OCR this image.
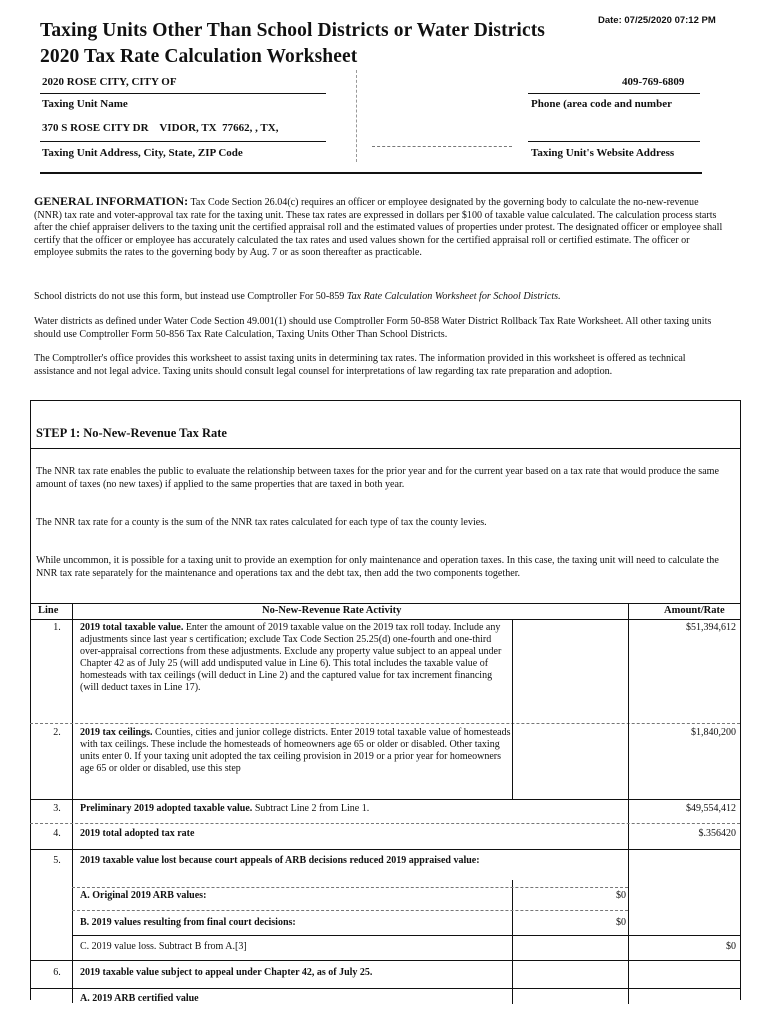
Taxing Units Other Than School Districts or Water Districts
2020 Tax Rate Calculation Worksheet
Date: 07/25/2020 07:12 PM
2020 ROSE CITY, CITY OF	409-769-6809
Taxing Unit Name	Phone (area code and number
370 S ROSE CITY DR    VIDOR, TX  77662, , TX,
Taxing Unit Address, City, State, ZIP Code	Taxing Unit's Website Address
GENERAL INFORMATION: Tax Code Section 26.04(c) requires an officer or employee designated by the governing body to calculate the no-new-revenue (NNR) tax rate and voter-approval tax rate for the taxing unit. These tax rates are expressed in dollars per $100 of taxable value calculated. The calculation process starts after the chief appraiser delivers to the taxing unit the certified appraisal roll and the estimated values of properties under protest. The designated officer or employee shall certify that the officer or employee has accurately calculated the tax rates and used values shown for the certified appraisal roll or certified estimate. The officer or employee submits the rates to the governing body by Aug. 7 or as soon thereafter as practicable.
School districts do not use this form, but instead use Comptroller For 50-859 Tax Rate Calculation Worksheet for School Districts.
Water districts as defined under Water Code Section 49.001(1) should use Comptroller Form 50-858 Water District Rollback Tax Rate Worksheet. All other taxing units should use Comptroller Form 50-856 Tax Rate Calculation, Taxing Units Other Than School Districts.
The Comptroller's office provides this worksheet to assist taxing units in determining tax rates. The information provided in this worksheet is offered as technical assistance and not legal advice. Taxing units should consult legal counsel for interpretations of law regarding tax rate preparation and adoption.
STEP 1: No-New-Revenue Tax Rate
The NNR tax rate enables the public to evaluate the relationship between taxes for the prior year and for the current year based on a tax rate that would produce the same amount of taxes (no new taxes) if applied to the same properties that are taxed in both year.
The NNR tax rate for a county is the sum of the NNR tax rates calculated for each type of tax the county levies.
While uncommon, it is possible for a taxing unit to provide an exemption for only maintenance and operation taxes. In this case, the taxing unit will need to calculate the NNR tax rate separately for the maintenance and operations tax and the debt tax, then add the two components together.
Line	No-New-Revenue Rate Activity	Amount/Rate
1.	2019 total taxable value. Enter the amount of 2019 taxable value on the 2019 tax roll today. Include any adjustments since last year s certification; exclude Tax Code Section 25.25(d) one-fourth and one-third over-appraisal corrections from these adjustments. Exclude any property value subject to an appeal under Chapter 42 as of July 25 (will add undisputed value in Line 6). This total includes the taxable value of homesteads with tax ceilings (will deduct in Line 2) and the captured value for tax increment financing (will deduct taxes in Line 17).
$51,394,612
2.	2019 tax ceilings. Counties, cities and junior college districts. Enter 2019 total taxable value of homesteads with tax ceilings. These include the homesteads of homeowners age 65 or older or disabled. Other taxing units enter 0. If your taxing unit adopted the tax ceiling provision in 2019 or a prior year for homeowners age 65 or older or disabled, use this step
$1,840,200
3.	Preliminary 2019 adopted taxable value. Subtract Line 2 from Line 1.	$49,554,412
4.	2019 total adopted tax rate	$.356420
5.	2019 taxable value lost because court appeals of ARB decisions reduced 2019 appraised value:
A. Original 2019 ARB values:	$0
B. 2019 values resulting from final court decisions:	$0
C. 2019 value loss. Subtract B from A.[3]	$0
6.	2019 taxable value subject to appeal under Chapter 42, as of July 25.
A. 2019 ARB certified value
